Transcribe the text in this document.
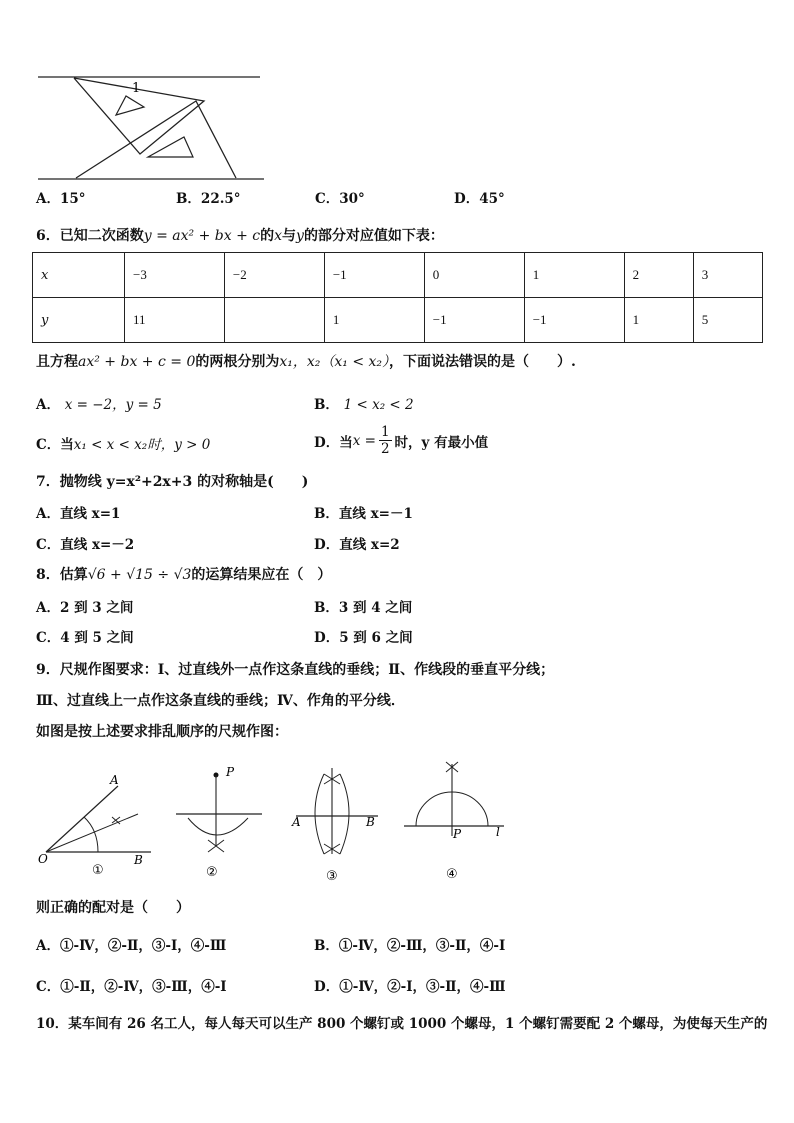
1
A．15°	B．22.5°	C．30°	D．45°
6．已知二次函数y = ax² + bx + c的x与y的部分对应值如下表：
x	−3	−2	−1	0	1	2	3
y	11		1	−1	−1	1	5
且方程ax² + bx + c = 0的两根分别为x₁，x₂（x₁ < x₂），下面说法错误的是（　　）.
A． x = −2，y = 5	B． 1 < x₂ < 2
C．当x₁ < x < x₂时，y > 0	D． 当 $x = \frac{1}{2}$ 时，y 有最小值
7．抛物线 y=x²+2x+3 的对称轴是(　　)
A．直线 x=1	B．直线 x=－1
C．直线 x=－2	D．直线 x=2
8．估算√6 + √15 ÷ √3的运算结果应在（　）
A．2 到 3 之间	B．3 到 4 之间
C．4 到 5 之间	D．5 到 6 之间
9．尺规作图要求：Ⅰ、过直线外一点作这条直线的垂线；Ⅱ、作线段的垂直平分线；
Ⅲ、过直线上一点作这条直线的垂线；Ⅳ、作角的平分线．
如图是按上述要求排乱顺序的尺规作图：
A
O	B
①
P
②
A	B
③
P	l
④
则正确的配对是（　　）
A．①-Ⅳ，②-Ⅱ，③-Ⅰ，④-Ⅲ	B．①-Ⅳ，②-Ⅲ，③-Ⅱ，④-Ⅰ
C．①-Ⅱ，②-Ⅳ，③-Ⅲ，④-Ⅰ	D．①-Ⅳ，②-Ⅰ，③-Ⅱ，④-Ⅲ
10．某车间有 26 名工人，每人每天可以生产 800 个螺钉或 1000 个螺母，1 个螺钉需要配 2 个螺母，为使每天生产的
